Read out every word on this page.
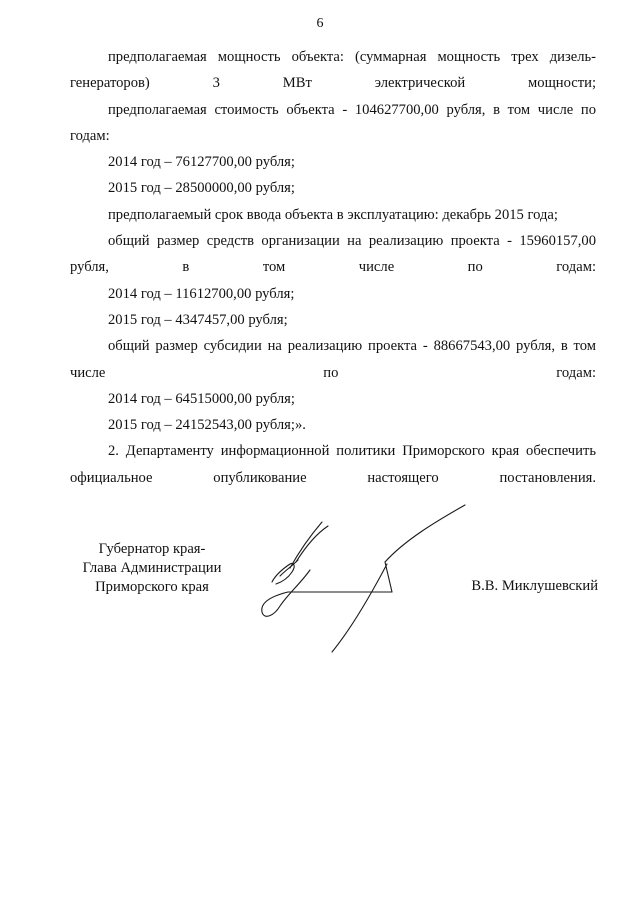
6

предполагаемая мощность объекта: (суммарная мощность трех дизель-генераторов) 3 МВт электрической мощности;

предполагаемая стоимость объекта - 104627700,00 рубля, в том числе по годам:

2014 год – 76127700,00 рубля;

2015 год – 28500000,00 рубля;

предполагаемый срок ввода объекта в эксплуатацию: декабрь 2015 года;

общий размер средств организации на реализацию проекта - 15960157,00 рубля, в том числе по годам:

2014 год – 11612700,00 рубля;

2015 год – 4347457,00 рубля;

общий размер субсидии на реализацию проекта - 88667543,00 рубля, в том числе по годам:

2014 год – 64515000,00 рубля;

2015 год – 24152543,00 рубля;».

2. Департаменту информационной политики Приморского края обеспечить официальное опубликование настоящего постановления.

Губернатор края-
Глава Администрации
Приморского края	В.В. Миклушевский
